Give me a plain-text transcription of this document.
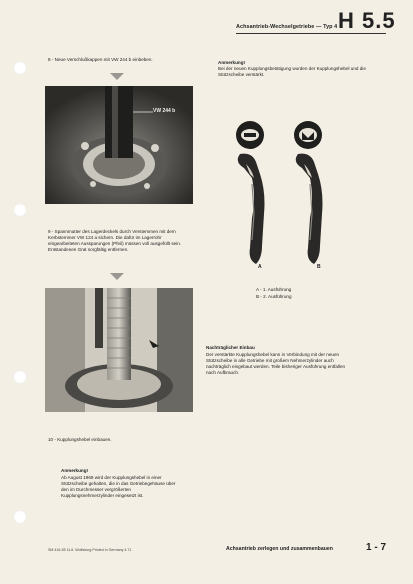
Achsantrieb-Wechselgetriebe — Typ 4 H 5.5
8 - Neue Verschlußkappen mit VW 244 b einbeben.
VW 244 b
Anmerkung!
Bei der neuen Kupplungsbetätigung wurden der Kupplungshebel und die Stützscheibe verstärkt.
A	B
A - 1. Ausführung
B - 2. Ausführung
9 - Spannmutter des Lagerdeckels durch Verstemmen mit dem Kerbstemmer VW 124 a sichern. Die dafür im Lagerrohr eingearbeiteten Aussparungen (Pfeil) müssen voll ausgefüllt sein. Entstandenen Grat sorgfältig entfernen.
Nachträglicher Einbau
Der verstärkte Kupplungshebel kann in Verbindung mit der neuen Stützscheibe in alle Getriebe mit großem Nehmerzylinder auch nachträglich eingebaut werden. Teile bisheriger Ausführung entfallen nach Aufbrauch.
10 - Kupplungshebel einbauen.
Anmerkung!
Ab August 1969 wird der Kupplungshebel in einer Stützscheibe gehalten, die in das Getriebegehäuse über den im Durchmesser vergrößerten Kupplungsnehmerzylinder eingesetzt ist.
SM 416-55 11.6. Wolfsburg Printed in Germany 4.71	Achsantrieb zerlegen und zusammenbauen	1 - 7
